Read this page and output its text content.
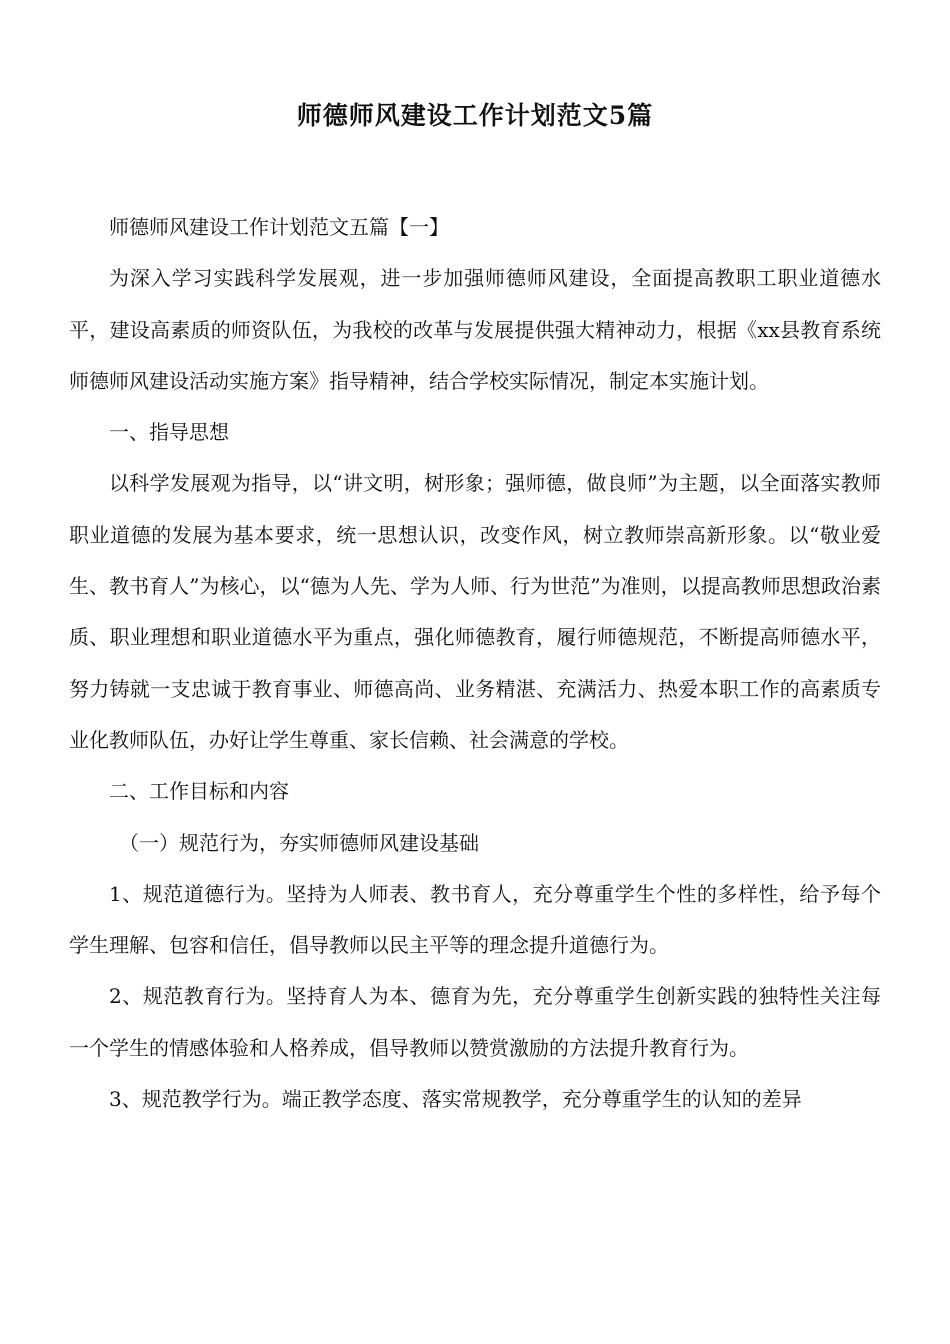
师德师风建设工作计划范文5篇

师德师风建设工作计划范文五篇【一】

为深入学习实践科学发展观，进一步加强师德师风建设，全面提高教职工职业道德水平，建设高素质的师资队伍，为我校的改革与发展提供强大精神动力，根据《xx县教育系统师德师风建设活动实施方案》指导精神，结合学校实际情况，制定本实施计划。

一、指导思想

以科学发展观为指导，以“讲文明，树形象；强师德，做良师”为主题，以全面落实教师职业道德的发展为基本要求，统一思想认识，改变作风，树立教师崇高新形象。以“敬业爱生、教书育人”为核心，以“德为人先、学为人师、行为世范”为准则，以提高教师思想政治素质、职业理想和职业道德水平为重点，强化师德教育，履行师德规范，不断提高师德水平，努力铸就一支忠诚于教育事业、师德高尚、业务精湛、充满活力、热爱本职工作的高素质专业化教师队伍，办好让学生尊重、家长信赖、社会满意的学校。

二、工作目标和内容

（一）规范行为，夯实师德师风建设基础

1、规范道德行为。坚持为人师表、教书育人，充分尊重学生个性的多样性，给予每个学生理解、包容和信任，倡导教师以民主平等的理念提升道德行为。

2、规范教育行为。坚持育人为本、德育为先，充分尊重学生创新实践的独特性关注每一个学生的情感体验和人格养成，倡导教师以赞赏激励的方法提升教育行为。

3、规范教学行为。端正教学态度、落实常规教学，充分尊重学生的认知的差异
